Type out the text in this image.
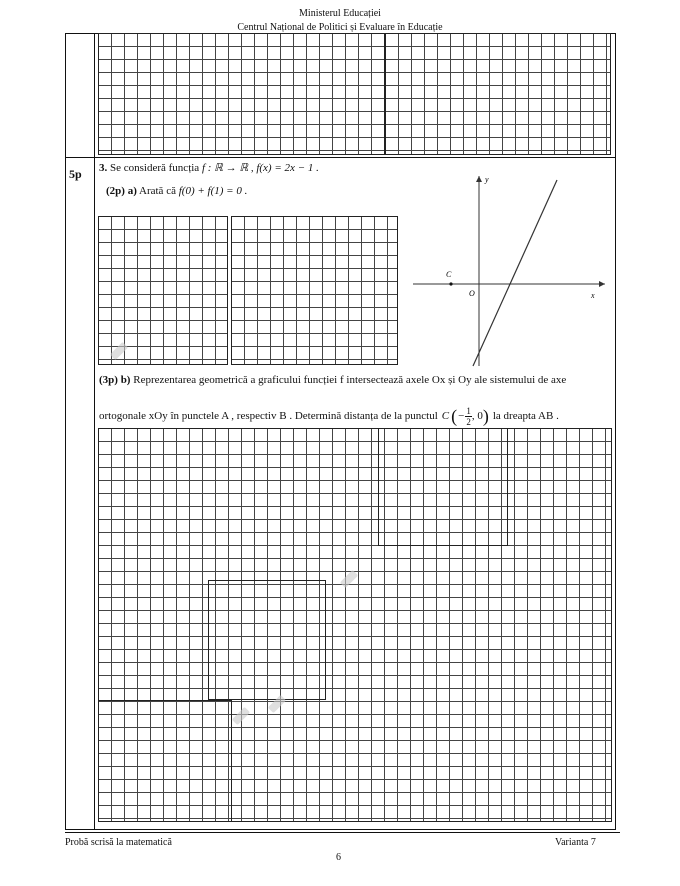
Ministerul Educației
Centrul Național de Politici și Evaluare în Educație
5p 3. Se consideră funcția f : ℝ → ℝ , f(x) = 2x − 1 .
(2p) a) Arată că f(0) + f(1) = 0 .
y
x
O
C
(3p) b) Reprezentarea geometrică a graficului funcției f intersectează axele Ox și Oy ale sistemului de axe
ortogonale xOy în punctele A , respectiv B . Determină distanța de la punctul C ( − $\frac{1}{2}$ , 0 ) la dreapta AB .
Probă scrisă la matematică	Varianta 7
6
